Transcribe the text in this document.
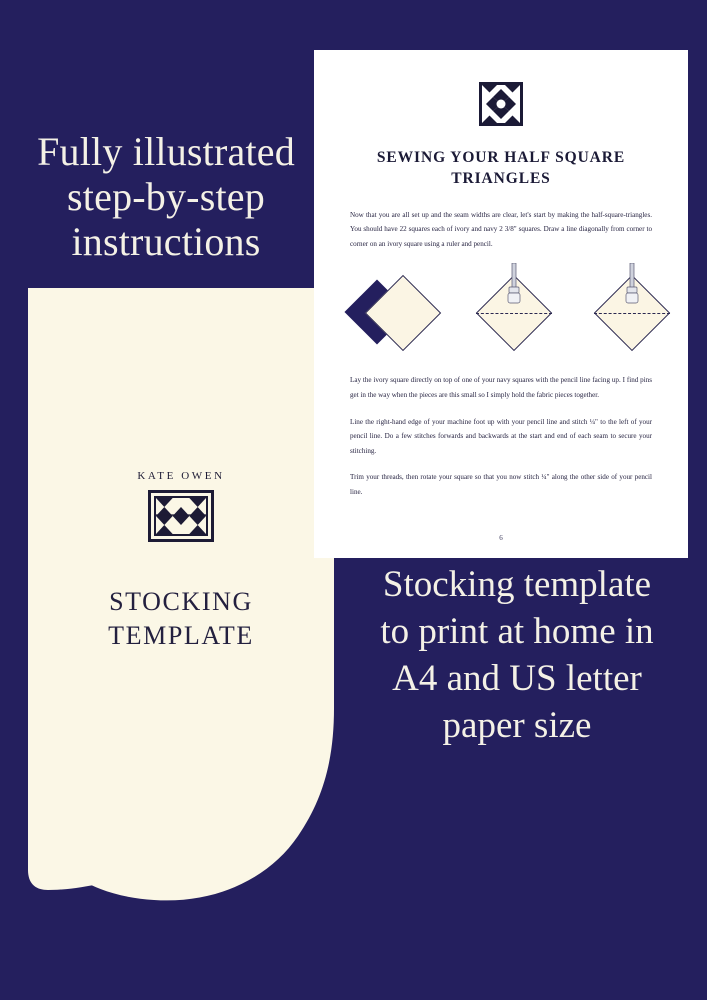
Fully illustrated
step-by-step
instructions
KATE OWEN
STOCKING
TEMPLATE
SEWING YOUR HALF SQUARE TRIANGLES

Now that you are all set up and the seam widths are clear, let's start by making the half-square-triangles. You should have 22 squares each of ivory and navy 2 3/8" squares. Draw a line diagonally from corner to corner on an ivory square using a ruler and pencil.

Lay the ivory square directly on top of one of your navy squares with the pencil line facing up. I find pins get in the way when the pieces are this small so I simply hold the fabric pieces together.

Line the right-hand edge of your machine foot up with your pencil line and stitch ¼" to the left of your pencil line. Do a few stitches forwards and backwards at the start and end of each seam to secure your stitching.

Trim your threads, then rotate your square so that you now stitch ¼" along the other side of your pencil line.

6
Stocking template
to print at home in
A4 and US letter
paper size
